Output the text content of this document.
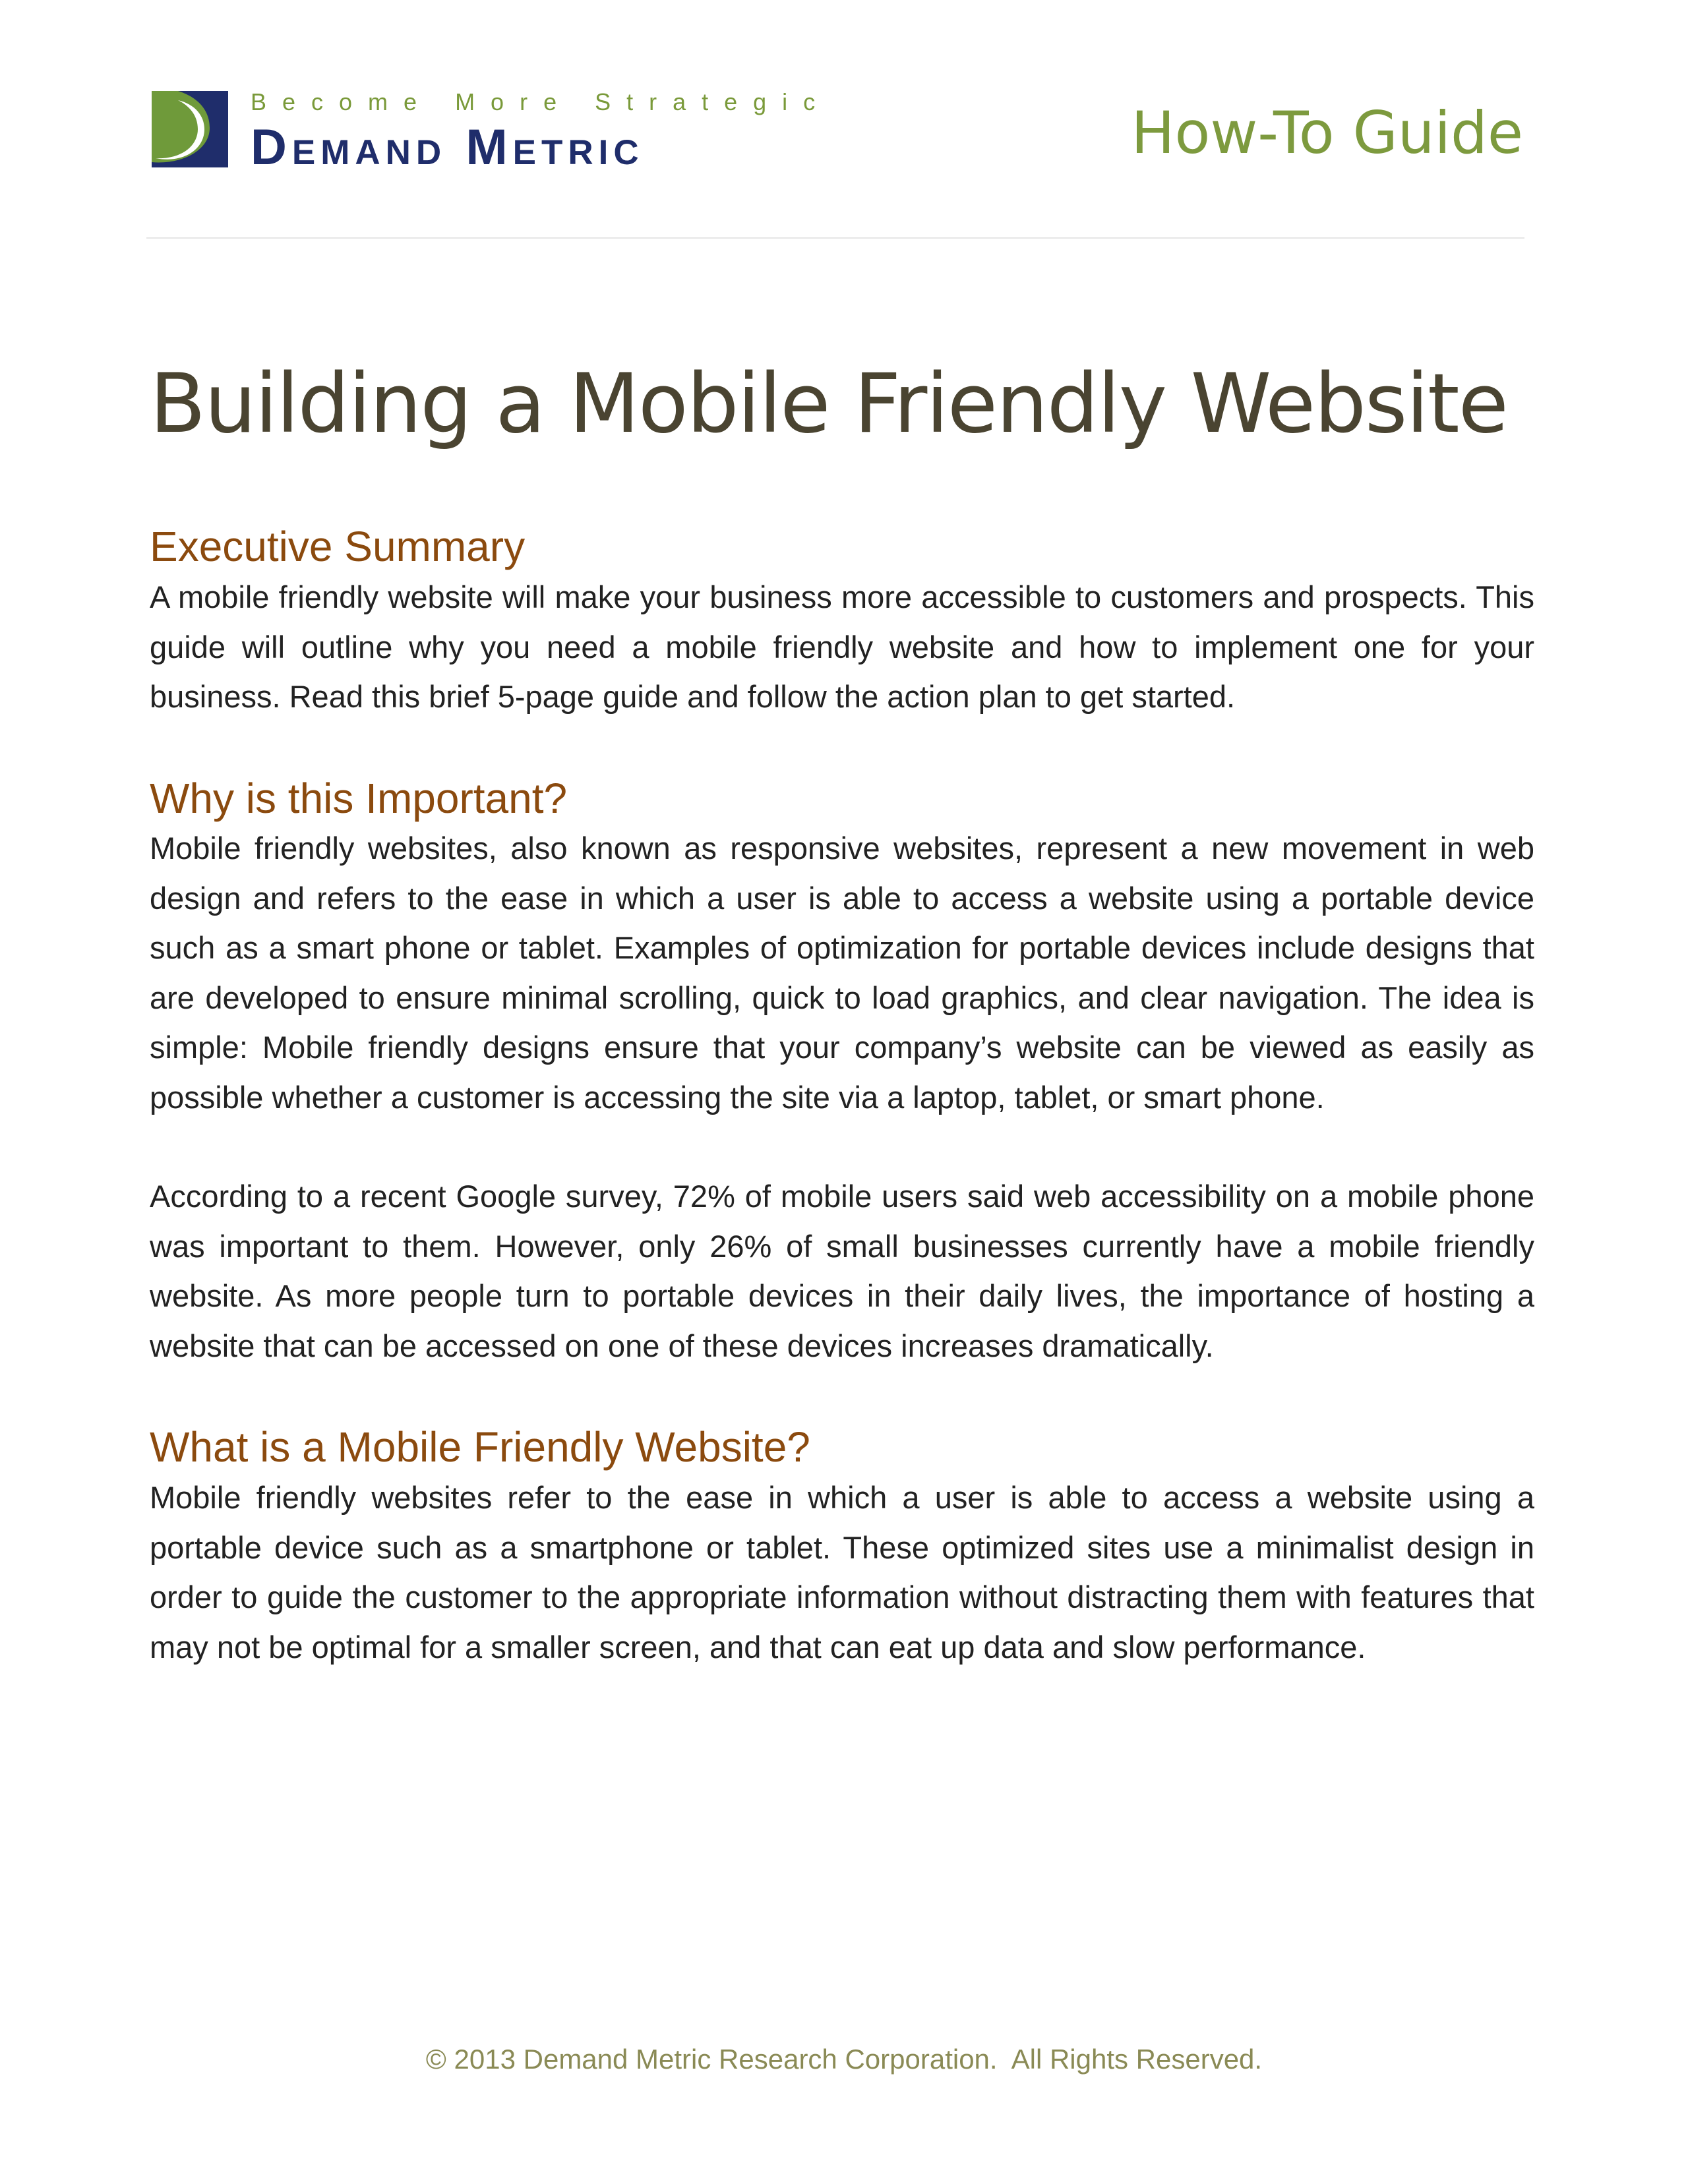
Become More Strategic
Demand Metric	How-To Guide
Building a Mobile Friendly Website
Executive Summary

A mobile friendly website will make your business more accessible to customers and prospects. This guide will outline why you need a mobile friendly website and how to implement one for your business. Read this brief 5-page guide and follow the action plan to get started.

Why is this Important?

Mobile friendly websites, also known as responsive websites, represent a new movement in web design and refers to the ease in which a user is able to access a website using a portable device such as a smart phone or tablet. Examples of optimization for portable devices include designs that are developed to ensure minimal scrolling, quick to load graphics, and clear navigation. The idea is simple: Mobile friendly designs ensure that your company’s website can be viewed as easily as possible whether a customer is accessing the site via a laptop, tablet, or smart phone.

According to a recent Google survey, 72% of mobile users said web accessibility on a mobile phone was important to them. However, only 26% of small businesses currently have a mobile friendly website. As more people turn to portable devices in their daily lives, the importance of hosting a website that can be accessed on one of these devices increases dramatically.

What is a Mobile Friendly Website?

Mobile friendly websites refer to the ease in which a user is able to access a website using a portable device such as a smartphone or tablet. These optimized sites use a minimalist design in order to guide the customer to the appropriate information without distracting them with features that may not be optimal for a smaller screen, and that can eat up data and slow performance.

© 2013 Demand Metric Research Corporation.  All Rights Reserved.
